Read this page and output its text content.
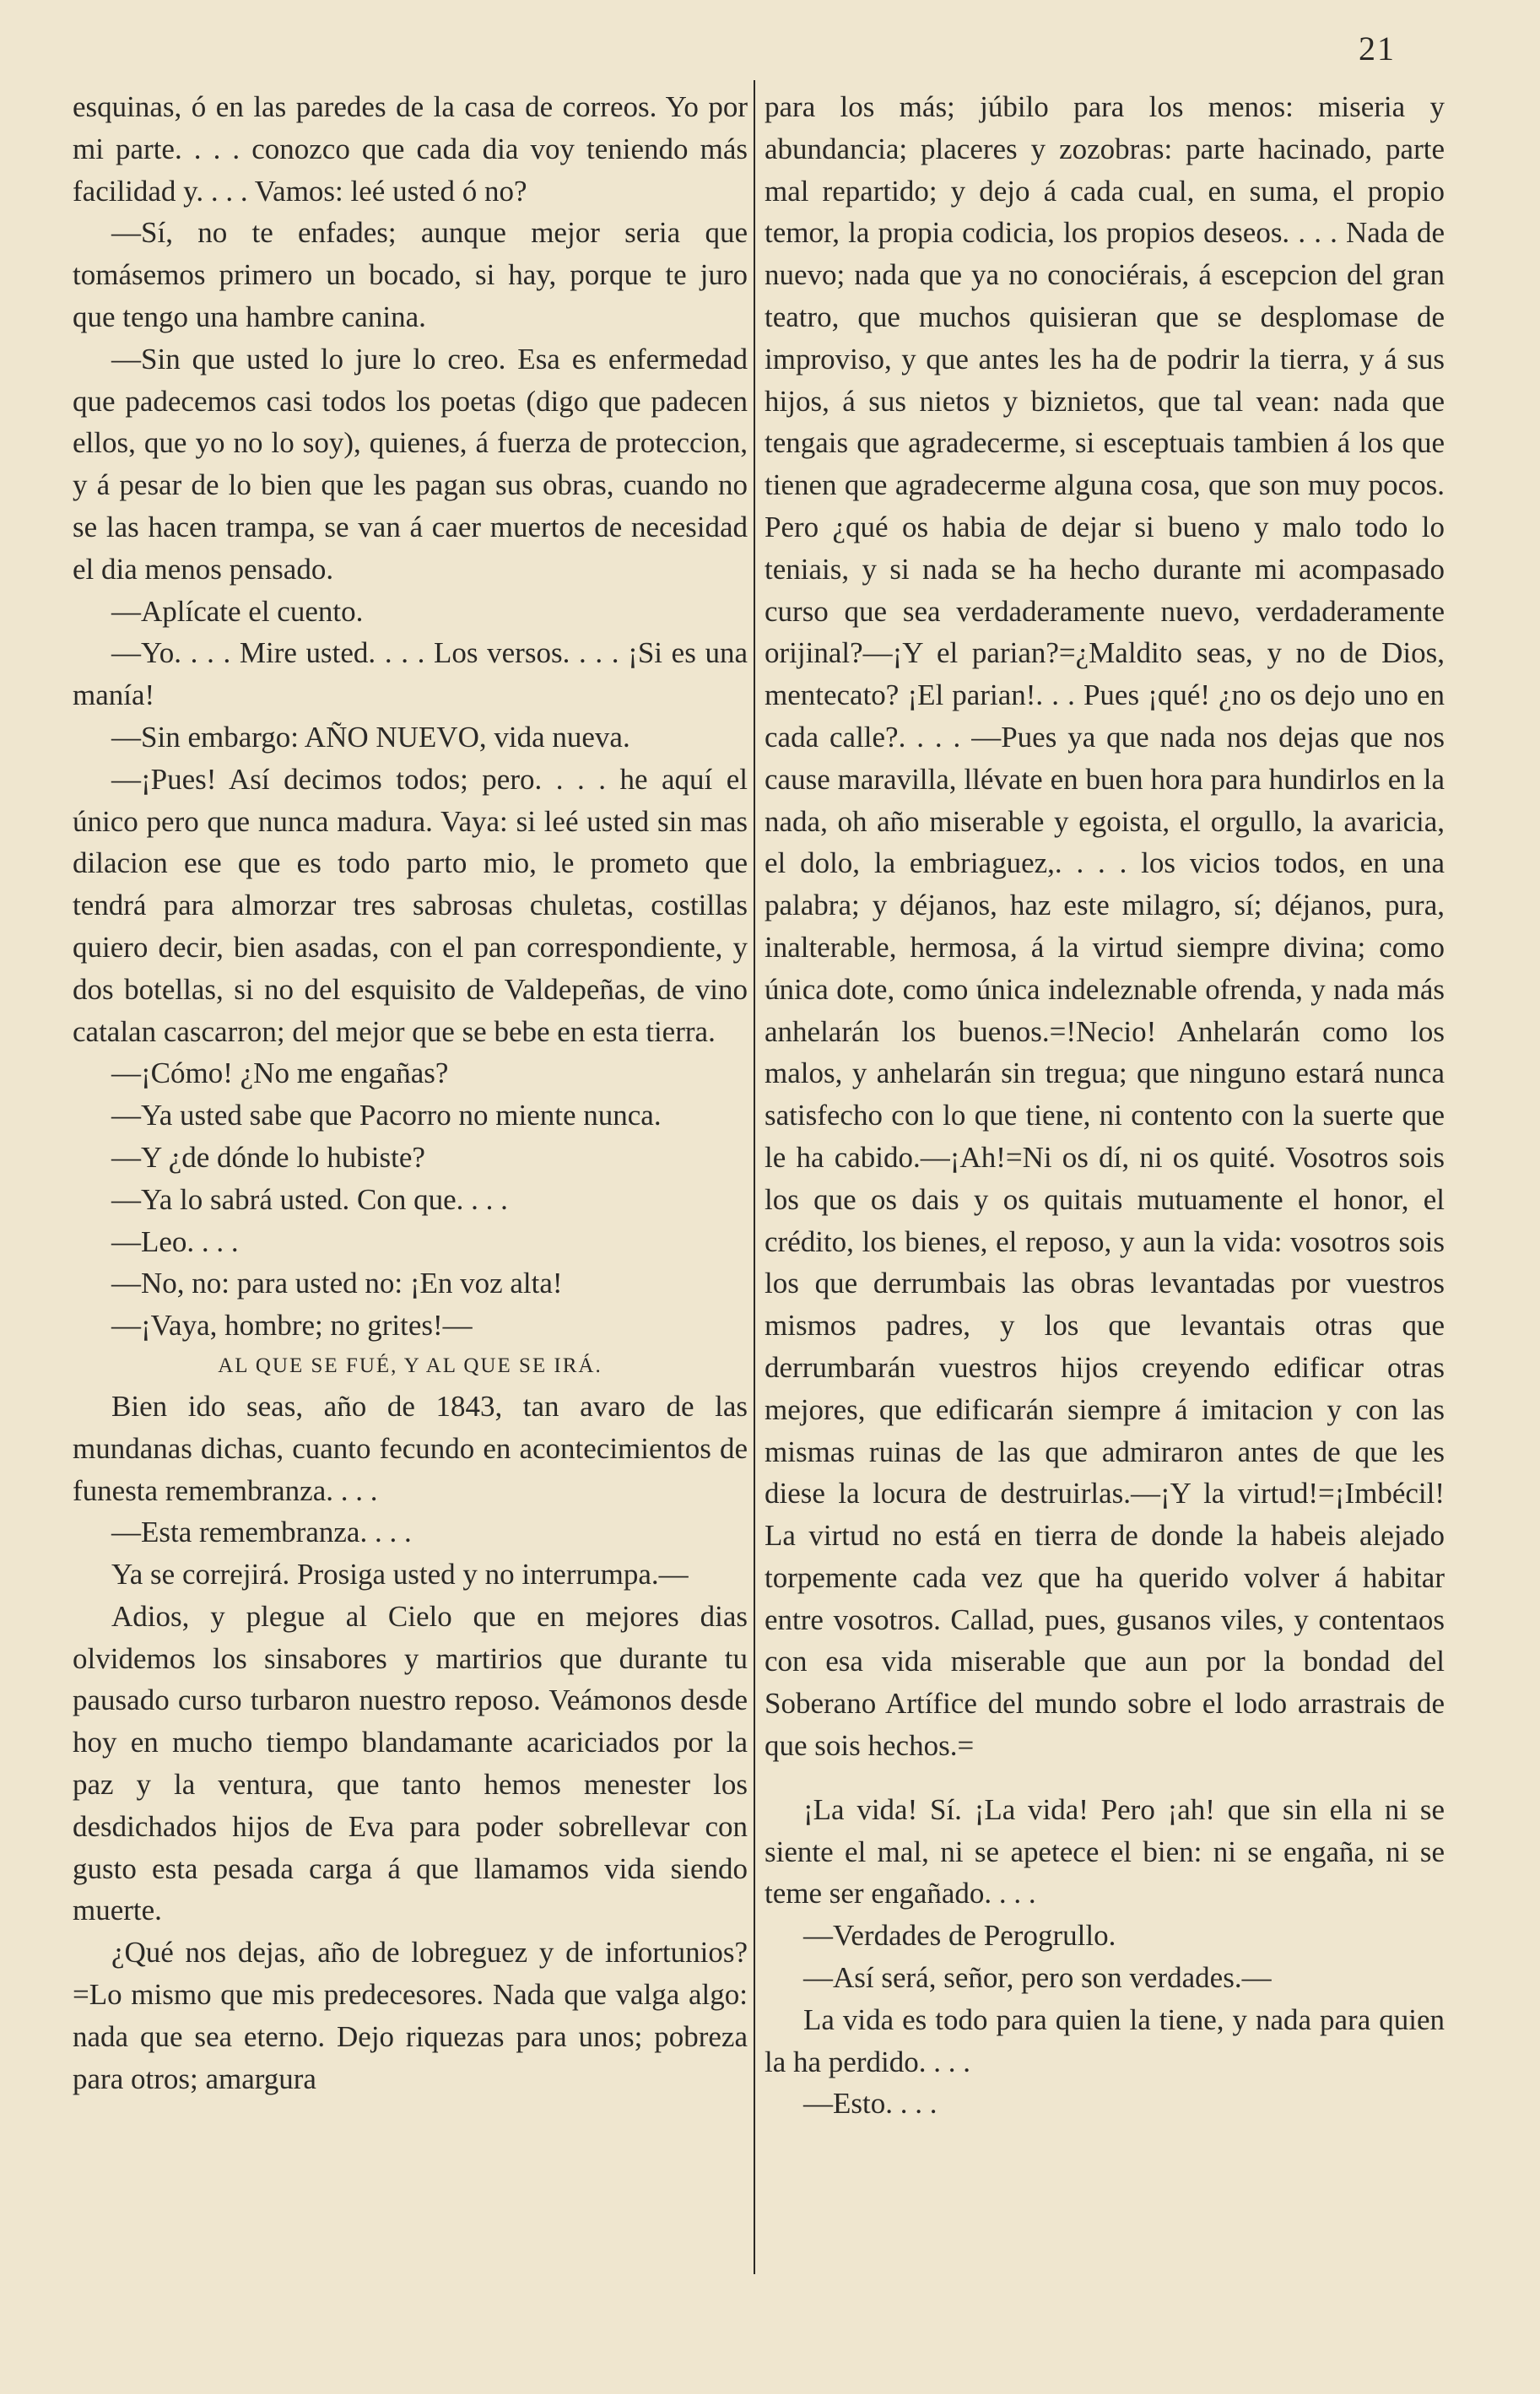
21

esquinas, ó en las paredes de la casa de correos. Yo por mi parte. . . . conozco que cada dia voy teniendo más facilidad y. . . . Vamos: leé usted ó no?

—Sí, no te enfades; aunque mejor seria que tomásemos primero un bocado, si hay, porque te juro que tengo una hambre canina.

—Sin que usted lo jure lo creo. Esa es enfermedad que padecemos casi todos los poetas (digo que padecen ellos, que yo no lo soy), quienes, á fuerza de proteccion, y á pesar de lo bien que les pagan sus obras, cuando no se las hacen trampa, se van á caer muertos de necesidad el dia menos pensado.

—Aplícate el cuento.

—Yo. . . . Mire usted. . . . Los versos. . . . ¡Si es una manía!

—Sin embargo: AÑO NUEVO, vida nueva.

—¡Pues! Así decimos todos; pero. . . . he aquí el único pero que nunca madura. Vaya: si leé usted sin mas dilacion ese que es todo parto mio, le prometo que tendrá para almorzar tres sabrosas chuletas, costillas quiero decir, bien asadas, con el pan correspondiente, y dos botellas, si no del esquisito de Valdepeñas, de vino catalan cascarron; del mejor que se bebe en esta tierra.

—¡Cómo! ¿No me engañas?

—Ya usted sabe que Pacorro no miente nunca.

—Y ¿de dónde lo hubiste?

—Ya lo sabrá usted. Con que. . . .

—Leo. . . .

—No, no: para usted no: ¡En voz alta!

—¡Vaya, hombre; no grites!—

AL QUE SE FUÉ, Y AL QUE SE IRÁ.

Bien ido seas, año de 1843, tan avaro de las mundanas dichas, cuanto fecundo en acontecimientos de funesta remembranza. . . .

—Esta remembranza. . . .

Ya se correjirá. Prosiga usted y no interrumpa.—

Adios, y plegue al Cielo que en mejores dias olvidemos los sinsabores y martirios que durante tu pausado curso turbaron nuestro reposo. Veámonos desde hoy en mucho tiempo blandamante acariciados por la paz y la ventura, que tanto hemos menester los desdichados hijos de Eva para poder sobrellevar con gusto esta pesada carga á que llamamos vida siendo muerte.

¿Qué nos dejas, año de lobreguez y de infortunios?=Lo mismo que mis predecesores. Nada que valga algo: nada que sea eterno. Dejo riquezas para unos; pobreza para otros; amargura

para los más; júbilo para los menos: miseria y abundancia; placeres y zozobras: parte hacinado, parte mal repartido; y dejo á cada cual, en suma, el propio temor, la propia codicia, los propios deseos. . . . Nada de nuevo; nada que ya no conociérais, á escepcion del gran teatro, que muchos quisieran que se desplomase de improviso, y que antes les ha de podrir la tierra, y á sus hijos, á sus nietos y biznietos, que tal vean: nada que tengais que agradecerme, si esceptuais tambien á los que tienen que agradecerme alguna cosa, que son muy pocos. Pero ¿qué os habia de dejar si bueno y malo todo lo teniais, y si nada se ha hecho durante mi acompasado curso que sea verdaderamente nuevo, verdaderamente orijinal?—¡Y el parian?=¿Maldito seas, y no de Dios, mentecato? ¡El parian!. . . Pues ¡qué! ¿no os dejo uno en cada calle?. . . . —Pues ya que nada nos dejas que nos cause maravilla, llévate en buen hora para hundirlos en la nada, oh año miserable y egoista, el orgullo, la avaricia, el dolo, la embriaguez,. . . . los vicios todos, en una palabra; y déjanos, haz este milagro, sí; déjanos, pura, inalterable, hermosa, á la virtud siempre divina; como única dote, como única indeleznable ofrenda, y nada más anhelarán los buenos.=!Necio! Anhelarán como los malos, y anhelarán sin tregua; que ninguno estará nunca satisfecho con lo que tiene, ni contento con la suerte que le ha cabido.—¡Ah!=Ni os dí, ni os quité. Vosotros sois los que os dais y os quitais mutuamente el honor, el crédito, los bienes, el reposo, y aun la vida: vosotros sois los que derrumbais las obras levantadas por vuestros mismos padres, y los que levantais otras que derrumbarán vuestros hijos creyendo edificar otras mejores, que edificarán siempre á imitacion y con las mismas ruinas de las que admiraron antes de que les diese la locura de destruirlas.—¡Y la virtud!=¡Imbécil! La virtud no está en tierra de donde la habeis alejado torpemente cada vez que ha querido volver á habitar entre vosotros. Callad, pues, gusanos viles, y contentaos con esa vida miserable que aun por la bondad del Soberano Artífice del mundo sobre el lodo arrastrais de que sois hechos.=

¡La vida! Sí. ¡La vida! Pero ¡ah! que sin ella ni se siente el mal, ni se apetece el bien: ni se engaña, ni se teme ser engañado. . . .

—Verdades de Perogrullo.

—Así será, señor, pero son verdades.—

La vida es todo para quien la tiene, y nada para quien la ha perdido. . . .

—Esto. . . .
